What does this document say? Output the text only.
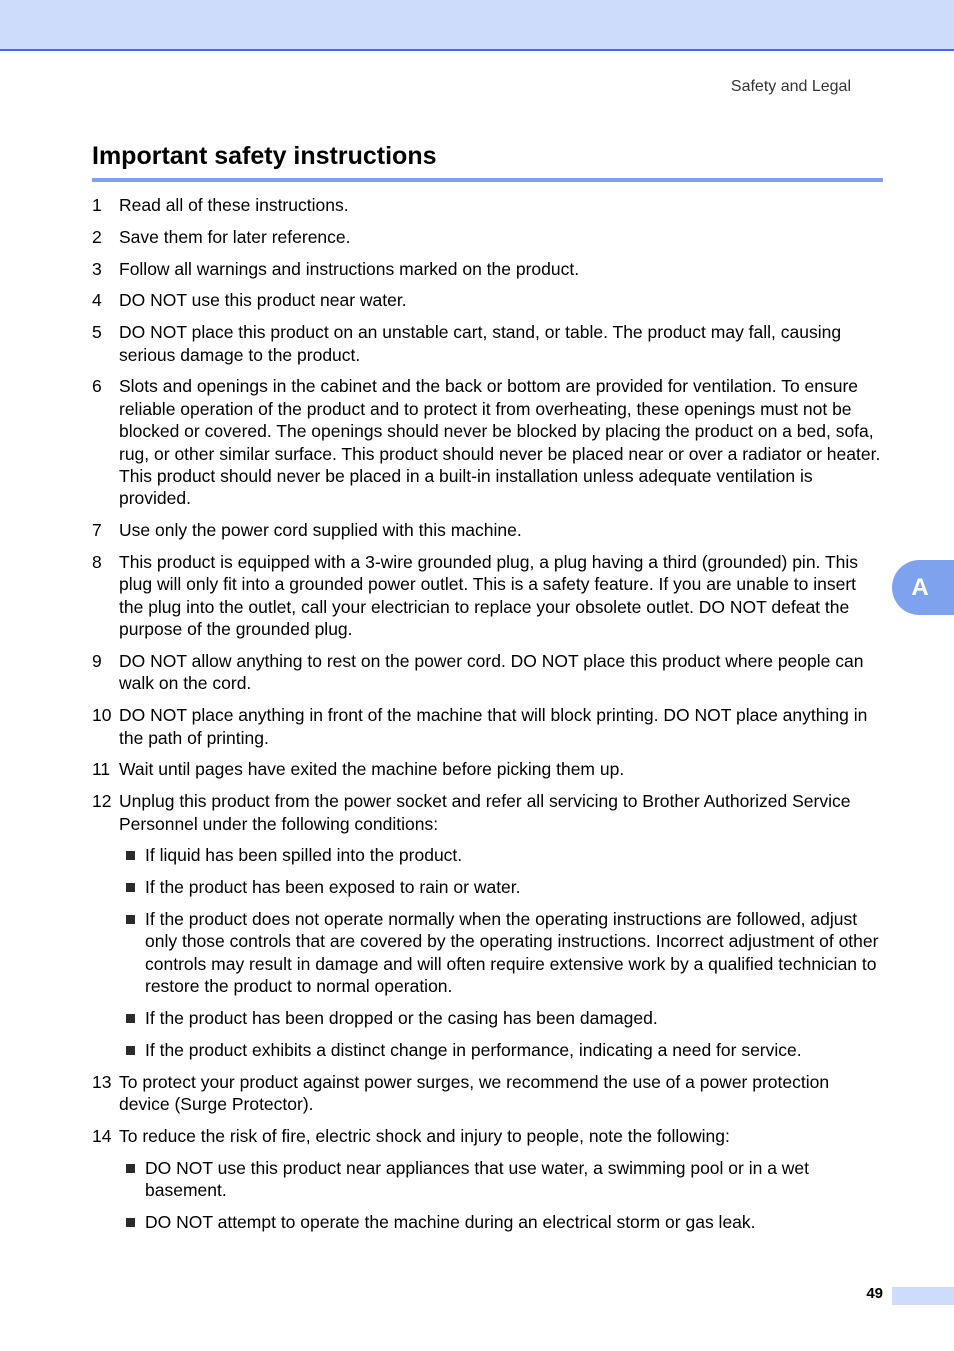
Safety and Legal
Important safety instructions
1 Read all of these instructions.
2 Save them for later reference.
3 Follow all warnings and instructions marked on the product.
4 DO NOT use this product near water.
5 DO NOT place this product on an unstable cart, stand, or table. The product may fall, causing serious damage to the product.
6 Slots and openings in the cabinet and the back or bottom are provided for ventilation. To ensure reliable operation of the product and to protect it from overheating, these openings must not be blocked or covered. The openings should never be blocked by placing the product on a bed, sofa, rug, or other similar surface. This product should never be placed near or over a radiator or heater. This product should never be placed in a built-in installation unless adequate ventilation is provided.
7 Use only the power cord supplied with this machine.
8 This product is equipped with a 3-wire grounded plug, a plug having a third (grounded) pin. This plug will only fit into a grounded power outlet. This is a safety feature. If you are unable to insert the plug into the outlet, call your electrician to replace your obsolete outlet. DO NOT defeat the purpose of the grounded plug.
9 DO NOT allow anything to rest on the power cord. DO NOT place this product where people can walk on the cord.
10 DO NOT place anything in front of the machine that will block printing. DO NOT place anything in the path of printing.
11 Wait until pages have exited the machine before picking them up.
12 Unplug this product from the power socket and refer all servicing to Brother Authorized Service Personnel under the following conditions:
If liquid has been spilled into the product.
If the product has been exposed to rain or water.
If the product does not operate normally when the operating instructions are followed, adjust only those controls that are covered by the operating instructions. Incorrect adjustment of other controls may result in damage and will often require extensive work by a qualified technician to restore the product to normal operation.
If the product has been dropped or the casing has been damaged.
If the product exhibits a distinct change in performance, indicating a need for service.
13 To protect your product against power surges, we recommend the use of a power protection device (Surge Protector).
14 To reduce the risk of fire, electric shock and injury to people, note the following:
DO NOT use this product near appliances that use water, a swimming pool or in a wet basement.
DO NOT attempt to operate the machine during an electrical storm or gas leak.
A
49
